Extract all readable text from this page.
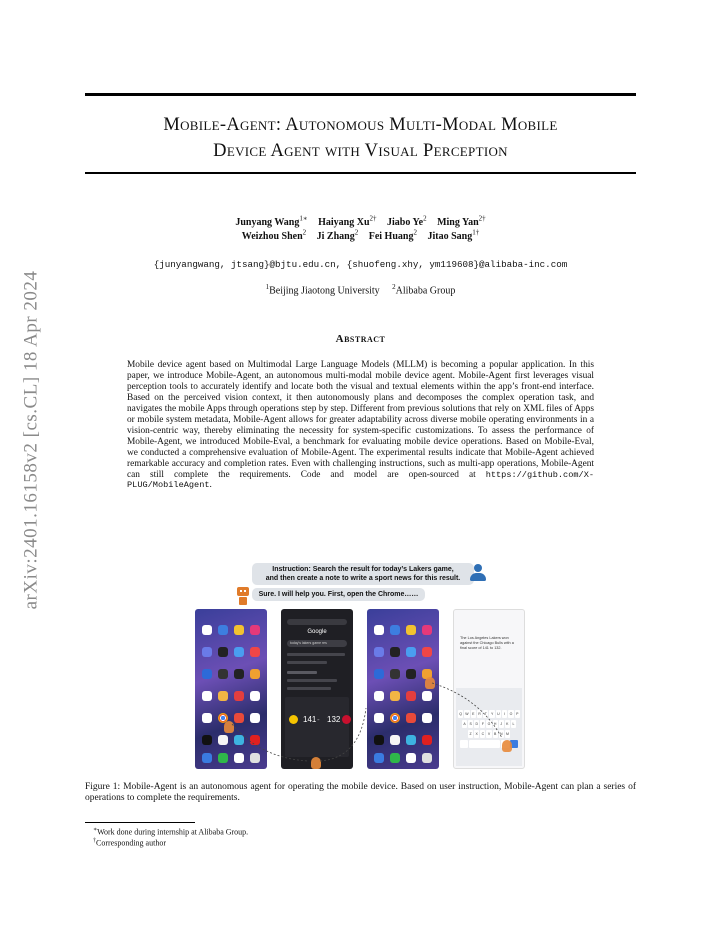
arXiv:2401.16158v2 [cs.CL] 18 Apr 2024
Mobile-Agent: Autonomous Multi-Modal Mobile
Device Agent with Visual Perception
Junyang Wang$^{1∗}$ Haiyang $Xu^{2\dagger}$ Jiabo Ye$^2$ Ming Yan$^{2\dagger}$
Weizhou Shen$^2$ Ji Zhang$^2$ Fei Huang$^2$ Jitao Sang$^{1\dagger}$
{junyangwang, jtsang}@bjtu.edu.cn, {shuofeng.xhy, ym119608}@alibaba-inc.com
$^1$Beijing Jiaotong University $^2$Alibaba Group
Abstract
Mobile device agent based on Multimodal Large Language Models (MLLM) is becoming a popular application. In this paper, we introduce Mobile-Agent, an autonomous multi-modal mobile device agent. Mobile-Agent first leverages visual perception tools to accurately identify and locate both the visual and textual elements within the app’s front-end interface. Based on the perceived vision context, it then autonomously plans and decomposes the complex operation task, and navigates the mobile Apps through operations step by step. Different from previous solutions that rely on XML files of Apps or mobile system metadata, Mobile-Agent allows for greater adaptability across diverse mobile operating environments in a vision-centric way, thereby eliminating the necessity for system-specific customizations. To assess the performance of Mobile-Agent, we introduced Mobile-Eval, a benchmark for evaluating mobile device operations. Based on Mobile-Eval, we conducted a comprehensive evaluation of Mobile-Agent. The experimental results indicate that Mobile-Agent achieved remarkable accuracy and completion rates. Even with challenging instructions, such as multi-app operations, Mobile-Agent can still complete the requirements. Code and model are open-sourced at https://github.com/X-PLUG/MobileAgent.
Instruction: Search the result for today’s Lakers game,
and then create a note to write a sport news for this result.
Sure. I will help you. First, open the Chrome……
Google
today's lakers game res
141 - 132
The Los Angeles Lakers won against the Chicago Bulls with a final score of 141 to 132.
Q W E	R	T	Y	U	I	O	P
A	S	D	F	G H	J	K	L
Z	X	C	V	B	N M
Figure 1: Mobile-Agent is an autonomous agent for operating the mobile device. Based on user instruction, Mobile-Agent can plan a series of operations to complete the requirements.
∗Work done during internship at Alibaba Group.
†Corresponding author
